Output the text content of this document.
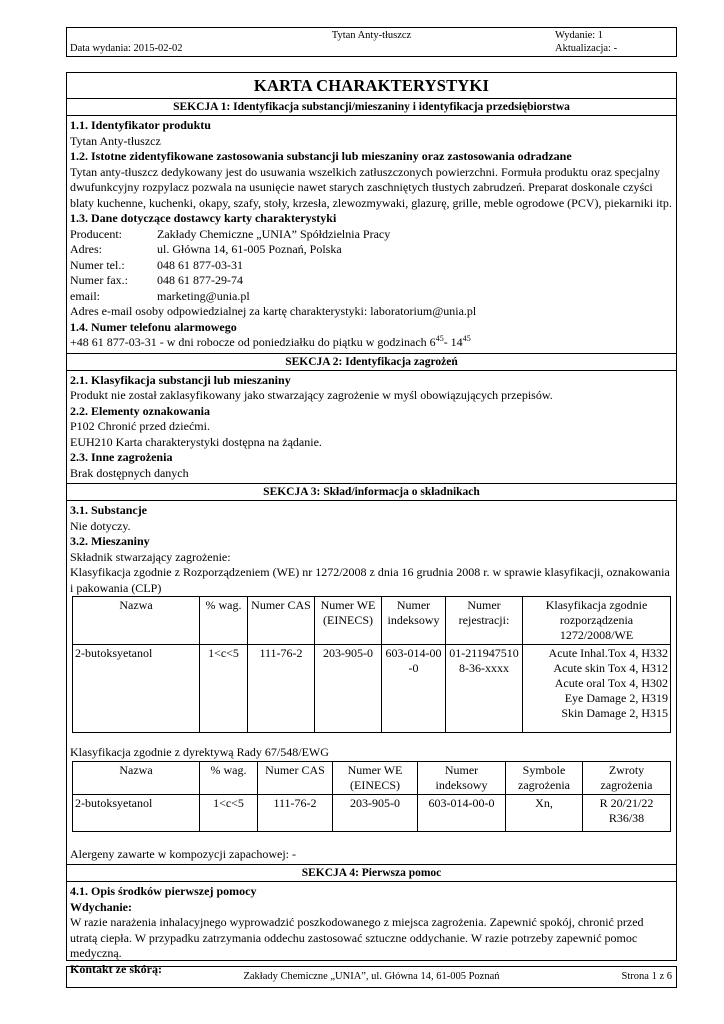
Tytan Anty-tłuszcz
Data wydania: 2015-02-02
Wydanie: 1
Aktualizacja: -
KARTA CHARAKTERYSTYKI
SEKCJA 1: Identyfikacja substancji/mieszaniny i identyfikacja przedsiębiorstwa
1.1. Identyfikator produktu
Tytan Anty-tłuszcz
1.2. Istotne zidentyfikowane zastosowania substancji lub mieszaniny oraz zastosowania odradzane
Tytan anty-tłuszcz dedykowany jest do usuwania wszelkich zatłuszczonych powierzchni. Formuła produktu oraz specjalny dwufunkcyjny rozpylacz pozwala na usunięcie nawet starych zaschniętych tłustych zabrudzeń. Preparat doskonale czyści blaty kuchenne, kuchenki, okapy, szafy, stoły, krzesła, zlewozmywaki, glazurę, grille, meble ogrodowe (PCV), piekarniki itp.
1.3. Dane dotyczące dostawcy karty charakterystyki
Producent:	Zakłady Chemiczne „UNIA” Spółdzielnia Pracy
Adres:	ul. Główna 14, 61-005 Poznań, Polska
Numer tel.:	048 61 877-03-31
Numer fax.:	048 61 877-29-74
email:	marketing@unia.pl
Adres e-mail osoby odpowiedzialnej za kartę charakterystyki: laboratorium@unia.pl
1.4. Numer telefonu alarmowego
+48 61 877-03-31 - w dni robocze od poniedziałku do piątku w godzinach $6^{45}-$ $14^{45}$
SEKCJA 2: Identyfikacja zagrożeń
2.1. Klasyfikacja substancji lub mieszaniny
Produkt nie został zaklasyfikowany jako stwarzający zagrożenie w myśl obowiązujących przepisów.
2.2. Elementy oznakowania
P102 Chronić przed dziećmi.
EUH210 Karta charakterystyki dostępna na żądanie.
2.3. Inne zagrożenia
Brak dostępnych danych
SEKCJA 3: Skład/informacja o składnikach
3.1. Substancje
Nie dotyczy.
3.2. Mieszaniny
Składnik stwarzający zagrożenie:
Klasyfikacja zgodnie z Rozporządzeniem (WE) nr 1272/2008 z dnia 16 grudnia 2008 r. w sprawie klasyfikacji, oznakowania i pakowania (CLP)
Nazwa	% wag.	Numer CAS	Numer WE (EINECS)	Numer indeksowy	Numer rejestracji:	Klasyfikacja zgodnie rozporządzenia 1272/2008/WE
2-butoksyetanol	1<c<5	111-76-2	203-905-0	603-014-00-0	01-2119475108-36-xxxx	Acute Inhal.Tox 4, H332
Acute skin Tox 4, H312
Acute oral Tox 4, H302
Eye Damage 2, H319
Skin Damage 2, H315
Klasyfikacja zgodnie z dyrektywą Rady 67/548/EWG
Nazwa	% wag.	Numer CAS	Numer WE (EINECS)	Numer indeksowy	Symbole zagrożenia	Zwroty zagrożenia
2-butoksyetanol	1<c<5	111-76-2	203-905-0	603-014-00-0	Xn,	R 20/21/22 R36/38
Alergeny zawarte w kompozycji zapachowej: -
SEKCJA 4: Pierwsza pomoc
4.1. Opis środków pierwszej pomocy
Wdychanie:
W razie narażenia inhalacyjnego wyprowadzić poszkodowanego z miejsca zagrożenia. Zapewnić spokój, chronić przed utratą ciepła. W przypadku zatrzymania oddechu zastosować sztuczne oddychanie. W razie potrzeby zapewnić pomoc medyczną.
Kontakt ze skórą:
Zakłady Chemiczne „UNIA”, ul. Główna 14, 61-005 Poznań	Strona 1 z 6
